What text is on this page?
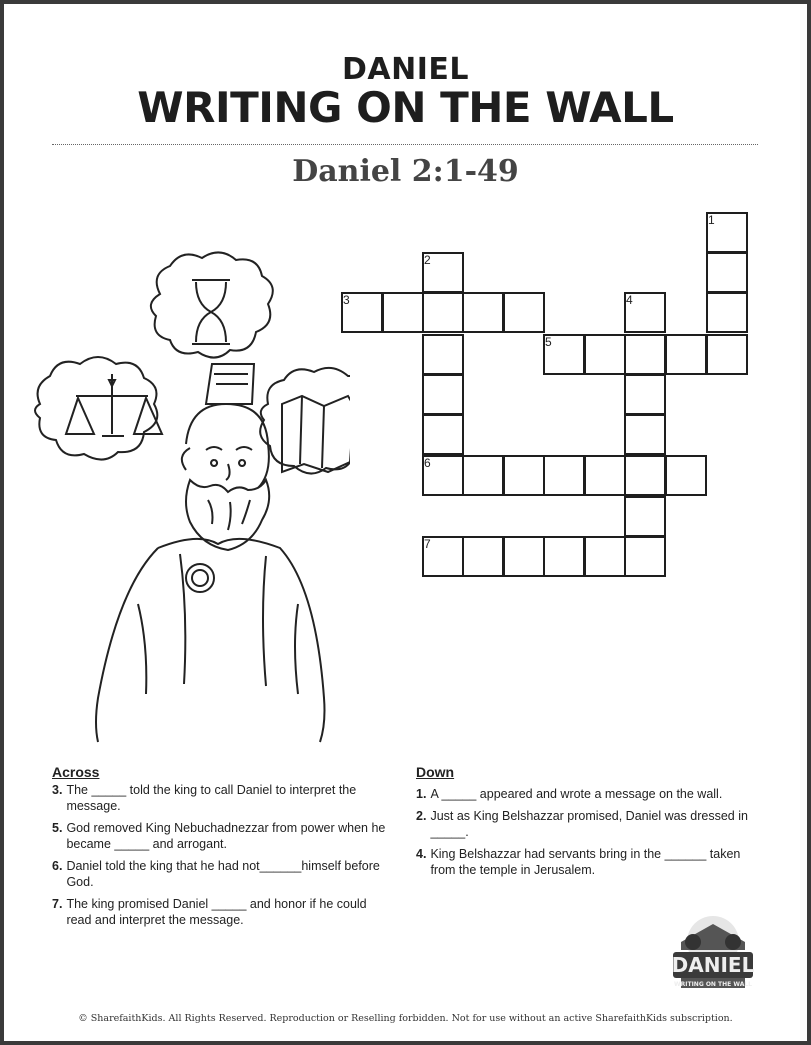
DANIEL
WRITING ON THE WALL
Daniel 2:1-49
1
2
3	4
5
6
7
Across
3. The _____ told the king to call Daniel to interpret the message.
5. God removed King Nebuchadnezzar from power when he became _____ and arrogant.
6. Daniel told the king that he had not______himself before God.
7. The king promised Daniel _____ and honor if he could read and interpret the message.
Down
1. A _____ appeared and wrote a message on the wall.
2. Just as King Belshazzar promised, Daniel was dressed in _____.
4. King Belshazzar had servants bring in the ______ taken from the temple in Jerusalem.
DANIEL
WRITING ON THE WALL
© SharefaithKids. All Rights Reserved. Reproduction or Reselling forbidden. Not for use without an active SharefaithKids subscription.
